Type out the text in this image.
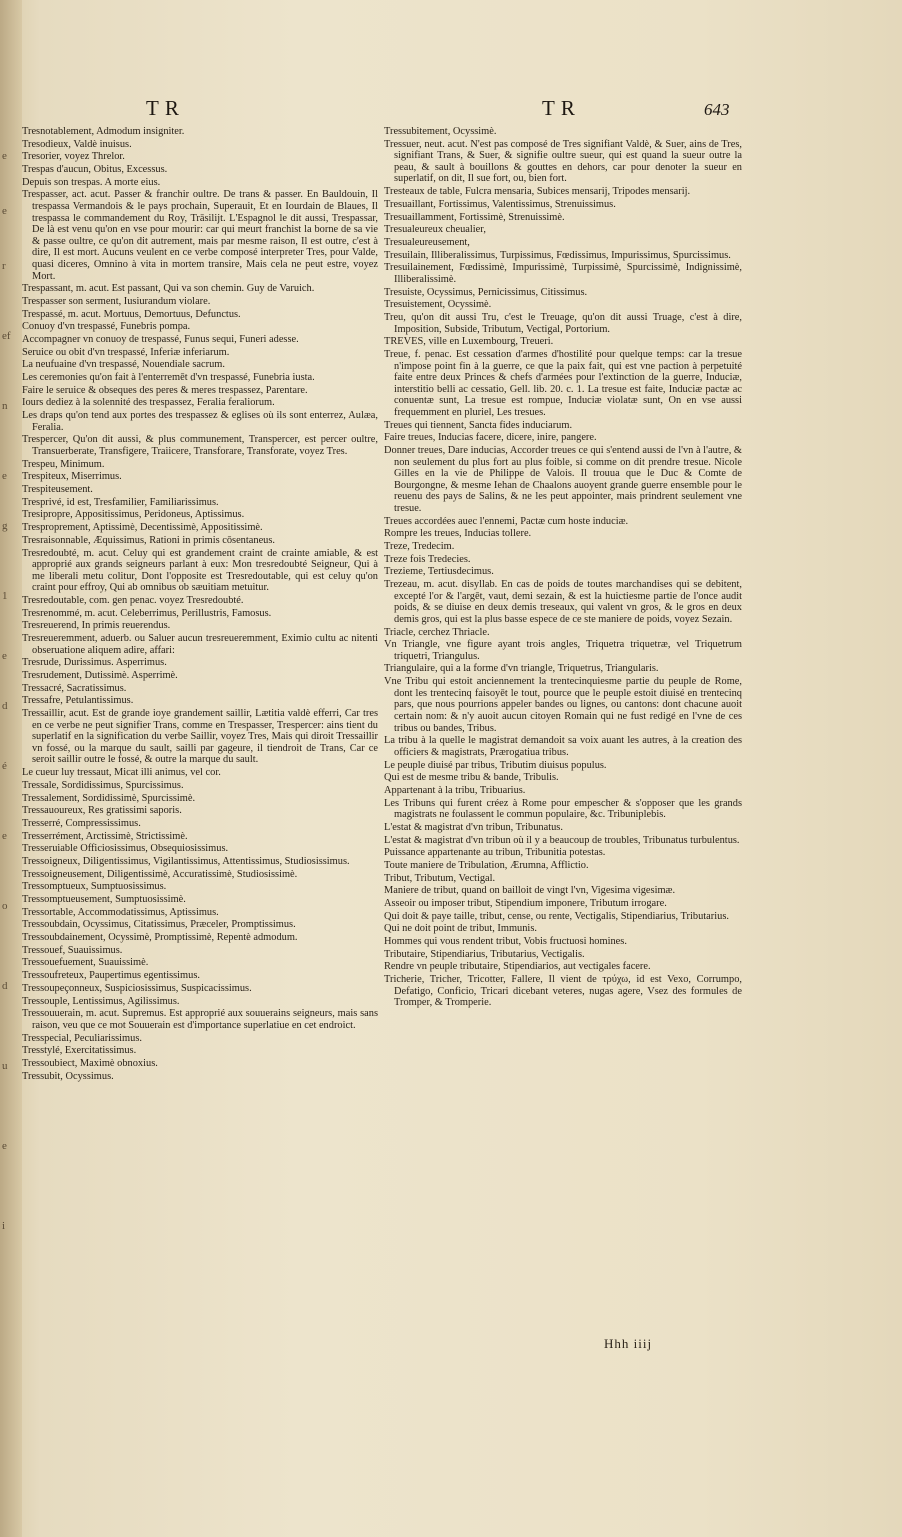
e
e
r
ef
n
e
g
1
e
d
é
e
o
d
u
e
i
TR	TR	643

Tresnotablement, Admodum insigniter.

Tresodieux, Valdè inuisus.

Tresorier, voyez Threlor.

Trespas d'aucun, Obitus, Excessus.

Depuis son trespas. A morte eius.

Trespasser, act. acut. Passer & franchir oultre. De trans & passer. En Bauldouin, Il trespassa Vermandois & le pays prochain, Superauit, Et en Iourdain de Blaues, Il trespassa le commandement du Roy, Trāsilijt. L'Espagnol le dit aussi, Trespassar, De là est venu qu'on en vse pour mourir: car qui meurt franchist la borne de sa vie & passe oultre, ce qu'on dit autrement, mais par mesme raison, Il est outre, c'est à dire, Il est mort. Aucuns veulent en ce verbe composé interpreter Tres, pour Valde, quasi diceres, Omnino à vita in mortem transire, Mais cela ne peut estre, voyez Mort.

Trespassant, m. acut. Est passant, Qui va son chemin. Guy de Varuich.

Trespasser son serment, Iusiurandum violare.

Trespassé, m. acut. Mortuus, Demortuus, Defunctus.

Conuoy d'vn trespassé, Funebris pompa.

Accompagner vn conuoy de trespassé, Funus sequi, Funeri adesse.

Seruice ou obit d'vn trespassé, Inferiæ inferiarum.

La neufuaine d'vn trespassé, Nouendiale sacrum.

Les ceremonies qu'on fait à l'enterremēt d'vn trespassé, Funebria iusta.

Faire le seruice & obseques des peres & meres trespassez, Parentare.

Iours dediez à la solennité des trespassez, Feralia feraliorum.

Les draps qu'on tend aux portes des trespassez & eglises où ils sont enterrez, Aulæa, Feralia.

Trespercer, Qu'on dit aussi, & plus communement, Transpercer, est percer oultre, Transuerberate, Transfigere, Traiicere, Transforare, Transforate, voyez Tres.

Trespeu, Minimum.

Trespiteux, Miserrimus.

Trespiteusement.

Tresprivé, id est, Tresfamilier, Familiarissimus.

Tresipropre, Appositissimus, Peridoneus, Aptissimus.

Tresproprement, Aptissimè, Decentissimè, Appositissimè.

Tresraisonnable, Æquissimus, Rationi in primis cōsentaneus.

Tresredoubté, m. acut. Celuy qui est grandement craint de crainte amiable, & est approprié aux grands seigneurs parlant à eux: Mon tresredoubté Seigneur, Qui à me liberali metu colitur, Dont l'opposite est Tresredoutable, qui est celuy qu'on craint pour effroy, Qui ab omnibus ob sæuitiam metuitur.

Tresredoutable, com. gen penac. voyez Tresredoubté.

Tresrenommé, m. acut. Celeberrimus, Perillustris, Famosus.

Tresreuerend, In primis reuerendus.

Tresreueremment, aduerb. ou Saluer aucun tresreueremment, Eximio cultu ac nitenti obseruatione aliquem adire, affari:

Tresrude, Durissimus. Asperrimus.

Tresrudement, Dutissimè. Asperrimè.

Tressacré, Sacratissimus.

Tressafre, Petulantissimus.

Tressaillir, acut. Est de grande ioye grandement saillir, Lætitia valdè efferri, Car tres en ce verbe ne peut signifier Trans, comme en Trespasser, Trespercer: ains tient du superlatif en la signification du verbe Saillir, voyez Tres, Mais qui diroit Tressaillir vn fossé, ou la marque du sault, sailli par gageure, il tiendroit de Trans, Car ce seroit saillir outre le fossé, & outre la marque du sault.

Le cueur luy tressaut, Micat illi animus, vel cor.

Tressale, Sordidissimus, Spurcissimus.

Tressalement, Sordidissimè, Spurcissimè.

Tressauoureux, Res gratissimi saporis.

Tresserré, Compressissimus.

Tresserrément, Arctissimè, Strictissimè.

Tresseruiable Officiosissimus, Obsequiosissimus.

Tressoigneux, Diligentissimus, Vigilantissimus, Attentissimus, Studiosissimus.

Tressoigneusement, Diligentissimè, Accuratissimè, Studiosissimè.

Tressomptueux, Sumptuosissimus.

Tressomptueusement, Sumptuosissimè.

Tressortable, Accommodatissimus, Aptissimus.

Tressoubdain, Ocyssimus, Citatissimus, Præceler, Promptissimus.

Tressoubdainement, Ocyssimè, Promptissimè, Repentè admodum.

Tressouef, Suauissimus.

Tressouefuement, Suauissimè.

Tressoufreteux, Paupertimus egentissimus.

Tressoupeçonneux, Suspiciosissimus, Suspicacissimus.

Tressouple, Lentissimus, Agilissimus.

Tressouuerain, m. acut. Supremus. Est approprié aux souuerains seigneurs, mais sans raison, veu que ce mot Souuerain est d'importance superlatiue en cet endroict.

Tresspecial, Peculiarissimus.

Tresstylé, Exercitatissimus.

Tressoubiect, Maximè obnoxius.

Tressubit, Ocyssimus.

Tressubitement, Ocyssimè.

Tressuer, neut. acut. N'est pas composé de Tres signifiant Valdè, & Suer, ains de Tres, signifiant Trans, & Suer, & signifie oultre sueur, qui est quand la sueur outre la peau, & sault à bouillons & gouttes en dehors, car pour denoter la sueur en superlatif, on dit, Il sue fort, ou, bien fort.

Tresteaux de table, Fulcra mensaria, Subices mensarij, Tripodes mensarij.

Tresuaillant, Fortissimus, Valentissimus, Strenuissimus.

Tresuaillamment, Fortissimè, Strenuissimè.

Tresualeureux cheualier,

Tresualeureusement,

Tresuilain, Illiberalissimus, Turpissimus, Fœdissimus, Impurissimus, Spurcissimus.

Tresuilainement, Fœdissimè, Impurissimè, Turpissimè, Spurcissimè, Indignissimè, Illiberalissimè.

Tresuiste, Ocyssimus, Pernicissimus, Citissimus.

Tresuistement, Ocyssimè.

Treu, qu'on dit aussi Tru, c'est le Treuage, qu'on dit aussi Truage, c'est à dire, Imposition, Subside, Tributum, Vectigal, Portorium.

TREVES, ville en Luxembourg, Treueri.

Treue, f. penac. Est cessation d'armes d'hostilité pour quelque temps: car la tresue n'impose point fin à la guerre, ce que la paix fait, qui est vne paction à perpetuité faite entre deux Princes & chefs d'armées pour l'extinction de la guerre, Induciæ, interstitio belli ac cessatio, Gell. lib. 20. c. 1. La tresue est faite, Induciæ pactæ ac conuentæ sunt, La tresue est rompue, Induciæ violatæ sunt, On en vse aussi frequemment en pluriel, Les tresues.

Treues qui tiennent, Sancta fides induciarum.

Faire treues, Inducias facere, dicere, inire, pangere.

Donner treues, Dare inducias, Accorder treues ce qui s'entend aussi de l'vn à l'autre, & non seulement du plus fort au plus foible, si comme on dit prendre tresue. Nicole Gilles en la vie de Philippe de Valois. Il trouua que le Duc & Comte de Bourgongne, & mesme Iehan de Chaalons auoyent grande guerre ensemble pour le reuenu des pays de Salins, & ne les peut appointer, mais prindrent seulement vne tresue.

Treues accordées auec l'ennemi, Pactæ cum hoste induciæ.

Rompre les treues, Inducias tollere.

Treze, Tredecim.

Treze fois Tredecies.

Trezieme, Tertiusdecimus.

Trezeau, m. acut. disyllab. En cas de poids de toutes marchandises qui se debitent, excepté l'or & l'argēt, vaut, demi sezain, & est la huictiesme partie de l'once audit poids, & se diuise en deux demis treseaux, qui valent vn gros, & le gros en deux demis gros, qui est la plus basse espece de ce ste maniere de poids, voyez Sezain.

Triacle, cerchez Thriacle.

Vn Triangle, vne figure ayant trois angles, Triquetra triquetræ, vel Triquetrum triquetri, Triangulus.

Triangulaire, qui a la forme d'vn triangle, Triquetrus, Triangularis.

Vne Tribu qui estoit anciennement la trentecinquiesme partie du peuple de Rome, dont les trentecinq faisoyēt le tout, pource que le peuple estoit diuisé en trentecinq pars, que nous pourrions appeler bandes ou lignes, ou cantons: dont chacune auoit certain nom: & n'y auoit aucun citoyen Romain qui ne fust redigé en l'vne de ces tribus ou bandes, Tribus.

La tribu à la quelle le magistrat demandoit sa voix auant les autres, à la creation des officiers & magistrats, Prærogatiua tribus.

Le peuple diuisé par tribus, Tributim diuisus populus.

Qui est de mesme tribu & bande, Tribulis.

Appartenant à la tribu, Tribuarius.

Les Tribuns qui furent créez à Rome pour empescher & s'opposer que les grands magistrats ne foulassent le commun populaire, &c. Tribuniplebis.

L'estat & magistrat d'vn tribun, Tribunatus.

L'estat & magistrat d'vn tribun où il y a beaucoup de troubles, Tribunatus turbulentus.

Puissance appartenante au tribun, Tribunitia potestas.

Toute maniere de Tribulation, Ærumna, Afflictio.

Tribut, Tributum, Vectigal.

Maniere de tribut, quand on bailloit de vingt l'vn, Vigesima vigesimæ.

Asseoir ou imposer tribut, Stipendium imponere, Tributum irrogare.

Qui doit & paye taille, tribut, cense, ou rente, Vectigalis, Stipendiarius, Tributarius.

Qui ne doit point de tribut, Immunis.

Hommes qui vous rendent tribut, Vobis fructuosi homines.

Tributaire, Stipendiarius, Tributarius, Vectigalis.

Rendre vn peuple tributaire, Stipendiarios, aut vectigales facere.

Tricherie, Tricher, Tricotter, Fallere, Il vient de τρύχω, id est Vexo, Corrumpo, Defatigo, Conficio, Tricari dicebant veteres, nugas agere, Vsez des formules de Tromper, & Tromperie.

Hhh iiij
